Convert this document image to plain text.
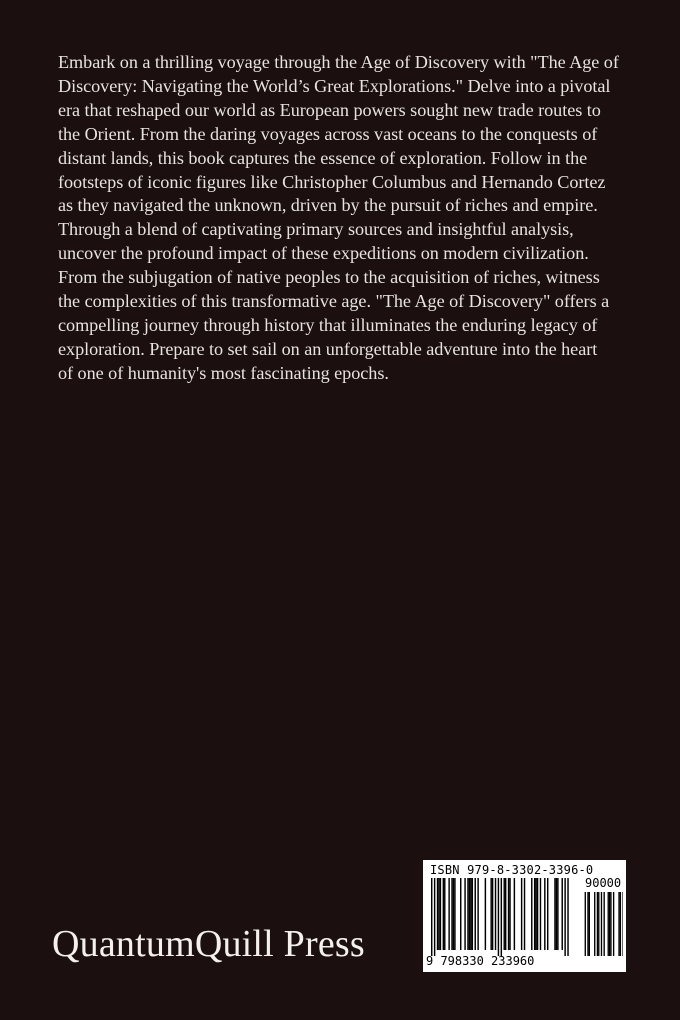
Embark on a thrilling voyage through the Age of Discovery with "The Age of
Discovery: Navigating the World’s Great Explorations." Delve into a pivotal
era that reshaped our world as European powers sought new trade routes to
the Orient. From the daring voyages across vast oceans to the conquests of
distant lands, this book captures the essence of exploration. Follow in the
footsteps of iconic figures like Christopher Columbus and Hernando Cortez
as they navigated the unknown, driven by the pursuit of riches and empire.
Through a blend of captivating primary sources and insightful analysis,
uncover the profound impact of these expeditions on modern civilization.
From the subjugation of native peoples to the acquisition of riches, witness
the complexities of this transformative age. "The Age of Discovery" offers a
compelling journey through history that illuminates the enduring legacy of
exploration. Prepare to set sail on an unforgettable adventure into the heart
of one of humanity's most fascinating epochs.
QuantumQuill Press
ISBN 979-8-3302-3396-0
90000
9 798330 233960
